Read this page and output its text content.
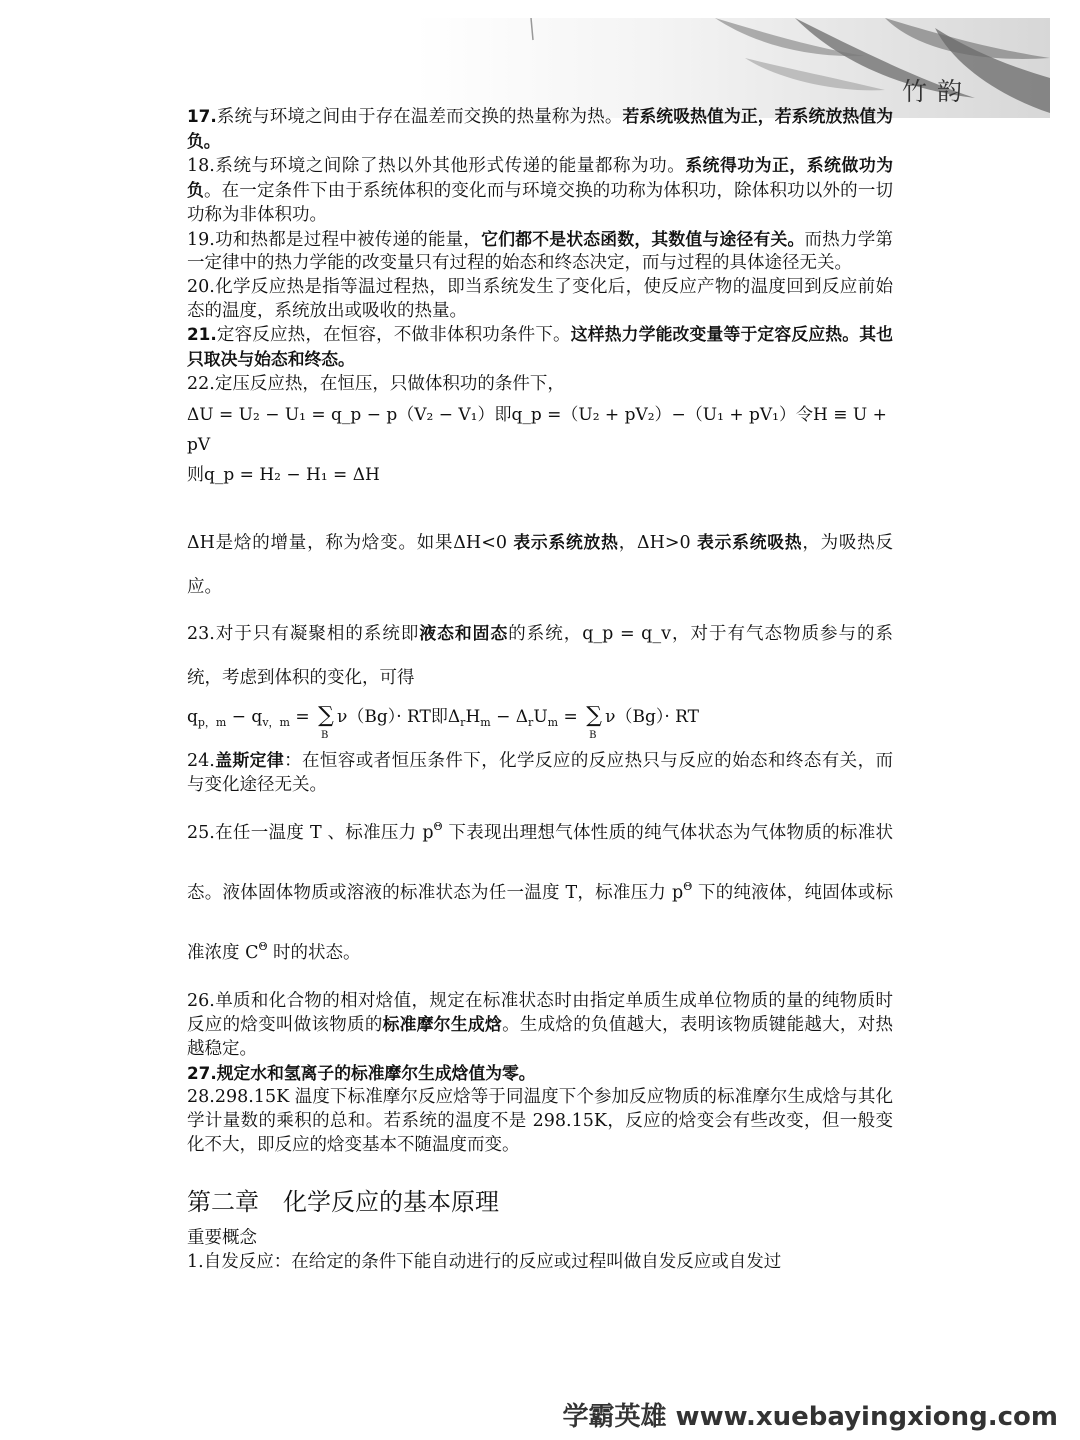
竹韵

17.系统与环境之间由于存在温差而交换的热量称为热。若系统吸热值为正，若系统放热值为负。

18.系统与环境之间除了热以外其他形式传递的能量都称为功。系统得功为正，系统做功为负。在一定条件下由于系统体积的变化而与环境交换的功称为体积功，除体积功以外的一切功称为非体积功。

19.功和热都是过程中被传递的能量，它们都不是状态函数，其数值与途径有关。而热力学第一定律中的热力学能的改变量只有过程的始态和终态决定，而与过程的具体途径无关。

20.化学反应热是指等温过程热，即当系统发生了变化后，使反应产物的温度回到反应前始态的温度，系统放出或吸收的热量。

21.定容反应热，在恒容，不做非体积功条件下。这样热力学能改变量等于定容反应热。其也只取决与始态和终态。

22.定压反应热，在恒压，只做体积功的条件下，

ΔU = U₂ − U₁ = q_p − p（V₂ − V₁）即q_p =（U₂ + pV₂）−（U₁ + pV₁）令H ≡ U + pV
则q_p = H₂ − H₁ = ΔH

ΔH是焓的增量，称为焓变。如果ΔH<0 表示系统放热，ΔH>0 表示系统吸热，为吸热反应。

23.对于只有凝聚相的系统即液态和固态的系统，q_p = q_v，对于有气态物质参与的系统，考虑到体积的变化，可得

$q_{p,m} - q_{v,m}$ = ∑
B
ν（Bg）· RT即$\Delta_rH_m - \Delta_rU_m$ = ∑
B
ν（Bg）· RT

24.盖斯定律：在恒容或者恒压条件下，化学反应的反应热只与反应的始态和终态有关，而与变化途径无关。

25.在任一温度 T 、标准压力 $p^\Theta$ 下表现出理想气体性质的纯气体状态为气体物质的标准状态。液体固体物质或溶液的标准状态为任一温度 T，标准压力 $p^\Theta$ 下的纯液体，纯固体或标准浓度 $C^\Theta$ 时的状态。

26.单质和化合物的相对焓值，规定在标准状态时由指定单质生成单位物质的量的纯物质时反应的焓变叫做该物质的标准摩尔生成焓。生成焓的负值越大，表明该物质键能越大，对热越稳定。

27.规定水和氢离子的标准摩尔生成焓值为零。

28.298.15K 温度下标准摩尔反应焓等于同温度下个参加反应物质的标准摩尔生成焓与其化学计量数的乘积的总和。若系统的温度不是 298.15K，反应的焓变会有些改变，但一般变化不大，即反应的焓变基本不随温度而变。

第二章　化学反应的基本原理

重要概念

1.自发反应：在给定的条件下能自动进行的反应或过程叫做自发反应或自发过

学霸英雄 www.xuebayingxiong.com
